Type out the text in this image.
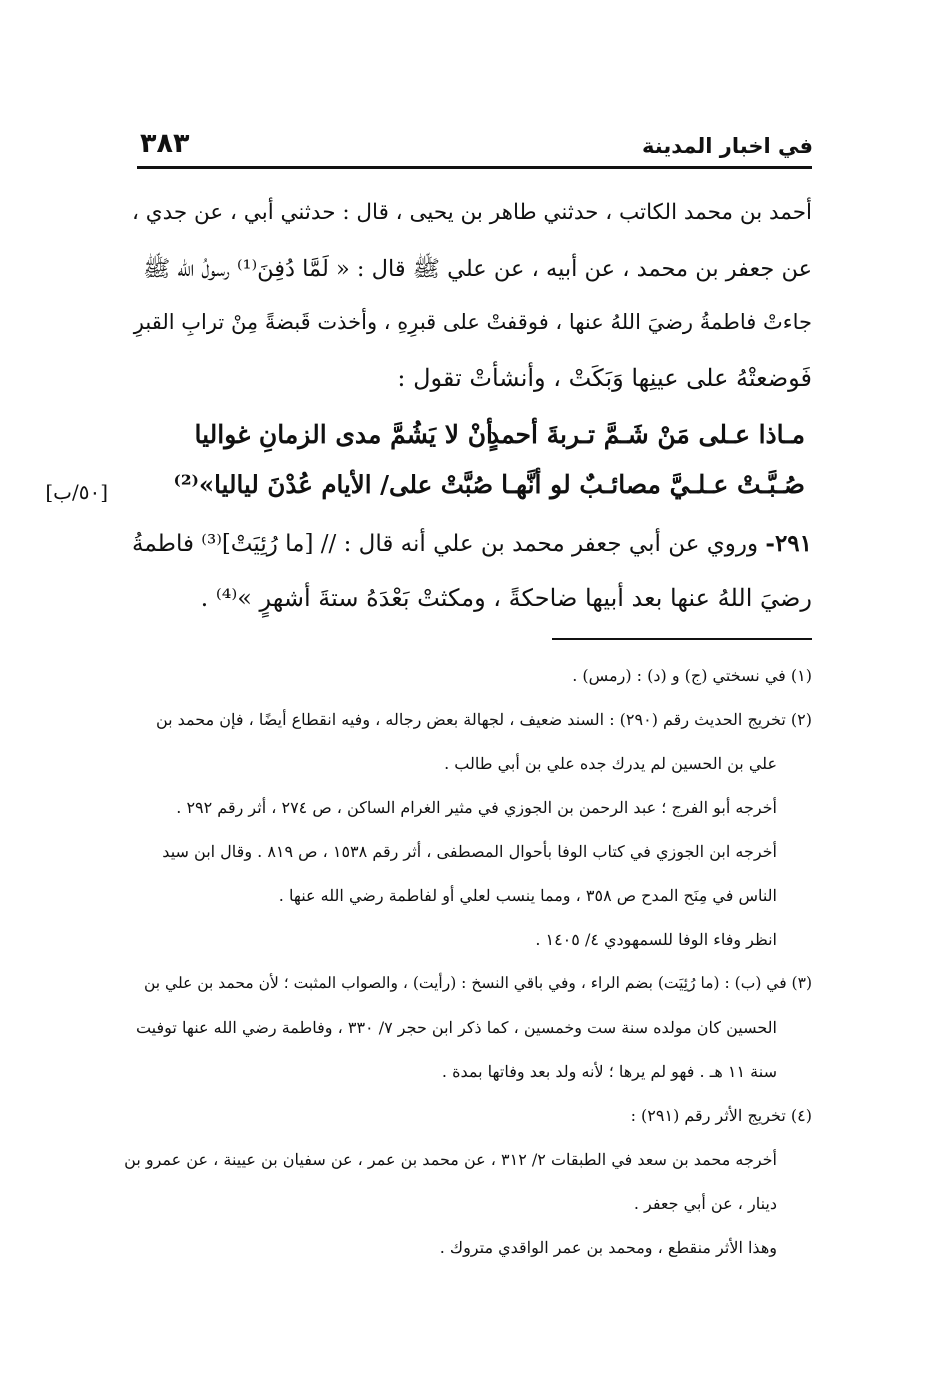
في اخبار المدينة
٣٨٣
أحمد بن محمد الكاتب ، حدثني طاهر بن يحيى ، قال : حدثني أبي ، عن جدي ،
عن جعفر بن محمد ، عن أبيه ، عن علي ﷺ قال : « لَمَّا دُفِنَ⁽¹⁾ رسولُ الله ﷺ
جاءتْ فاطمةُ رضيَ اللهُ عنها ، فوقفتْ على قبرِهِ ، وأخذت قَبضةً مِنْ ترابِ القبرِ
فَوضعتْهُ على عينِها وَبَكَتْ ، وأنشأتْ تقول :
مـاذا عـلى مَنْ شَـمَّ تـربةَ أحمدٍ
أنْ لا يَشُمَّ مدى الزمانِ غواليا
صُـبَّـتْ عـلـيَّ مصائـبٌ لو أنَّهـا
صُبَّتْ على/ الأيام عُدْنَ لياليا»⁽²⁾
[٥٠/ب]
٢٩١- وروي عن أبي جعفر محمد بن علي أنه قال : // [ما رُئِيَتْ]⁽³⁾ فاطمةُ
رضيَ اللهُ عنها بعد أبيها ضاحكةً ، ومكثتْ بَعْدَهُ ستةَ أشهرٍ »⁽⁴⁾ .
(١) في نسختي (ج) و (د) : (رمس) .
(٢) تخريج الحديث رقم (٢٩٠) : السند ضعيف ، لجهالة بعض رجاله ، وفيه انقطاع أيضًا ، فإن محمد بن
علي بن الحسين لم يدرك جده علي بن أبي طالب .
أخرجه أبو الفرج ؛ عبد الرحمن بن الجوزي في مثير الغرام الساكن ، ص ٢٧٤ ، أثر رقم ٢٩٢ .
أخرجه ابن الجوزي في كتاب الوفا بأحوال المصطفى ، أثر رقم ١٥٣٨ ، ص ٨١٩ . وقال ابن سيد
الناس في مِنَح المدح ص ٣٥٨ ، ومما ينسب لعلي أو لفاطمة رضي الله عنها .
انظر وفاء الوفا للسمهودي ٤/ ١٤٠٥ .
(٣) في (ب) : (ما رُئِيَت) بضم الراء ، وفي باقي النسخ : (رأيت) ، والصواب المثبت ؛ لأن محمد بن علي بن
الحسين كان مولده سنة ست وخمسين ، كما ذكر ابن حجر ٧/ ٣٣٠ ، وفاطمة رضي الله عنها توفيت
سنة ١١ هـ . فهو لم يرها ؛ لأنه ولد بعد وفاتها بمدة .
(٤) تخريج الأثر رقم (٢٩١) :
أخرجه محمد بن سعد في الطبقات ٢/ ٣١٢ ، عن محمد بن عمر ، عن سفيان بن عيينة ، عن عمرو بن
دينار ، عن أبي جعفر .
وهذا الأثر منقطع ، ومحمد بن عمر الواقدي متروك .
